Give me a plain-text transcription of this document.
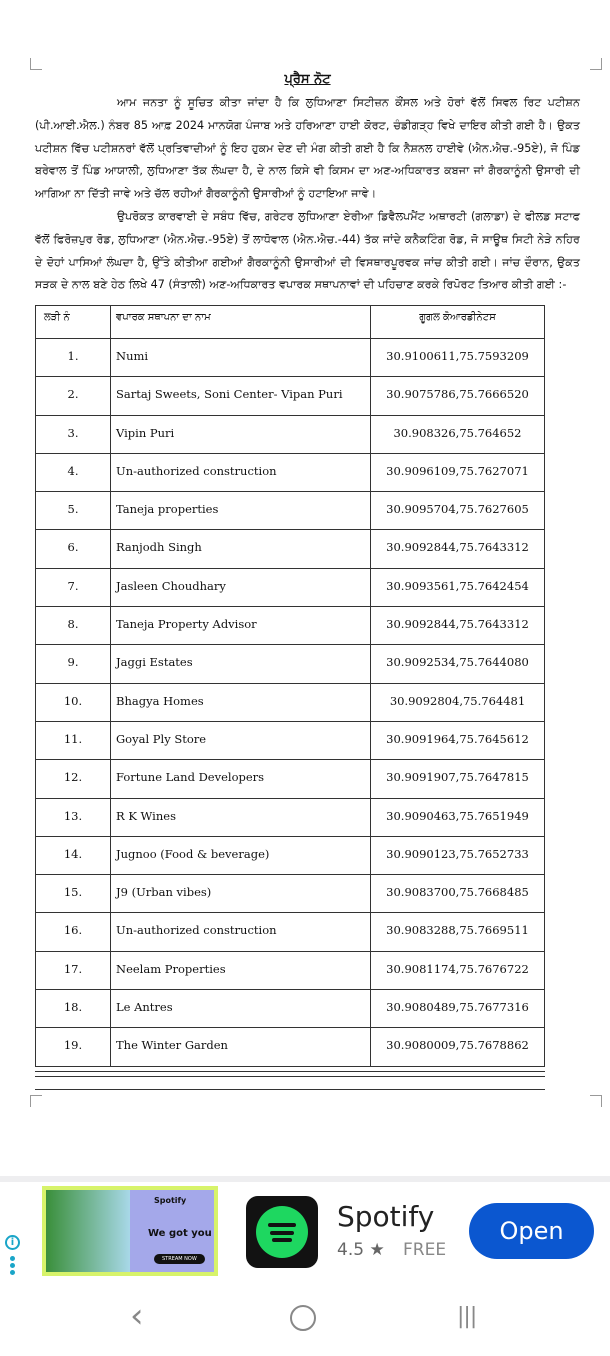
ਪ੍ਰੈਸ ਨੋਟ

ਆਮ ਜਨਤਾ ਨੂੰ ਸੂਚਿਤ ਕੀਤਾ ਜਾਂਦਾ ਹੈ ਕਿ ਲੁਧਿਆਣਾ ਸਿਟੀਜ਼ਨ ਕੌਂਸਲ ਅਤੇ ਹੋਰਾਂ ਵੱਲੋਂ ਸਿਵਲ ਰਿਟ ਪਟੀਸ਼ਨ (ਪੀ.ਆਈ.ਐਲ.) ਨੰਬਰ 85 ਆਫ਼ 2024 ਮਾਨਯੋਗ ਪੰਜਾਬ ਅਤੇ ਹਰਿਆਣਾ ਹਾਈ ਕੋਰਟ, ਚੰਡੀਗੜ੍ਹ ਵਿਖੇ ਦਾਇਰ ਕੀਤੀ ਗਈ ਹੈ। ਉਕਤ ਪਟੀਸ਼ਨ ਵਿੱਚ ਪਟੀਸ਼ਨਰਾਂ ਵੱਲੋਂ ਪ੍ਰਤਿਵਾਦੀਆਂ ਨੂੰ ਇਹ ਹੁਕਮ ਦੇਣ ਦੀ ਮੰਗ ਕੀਤੀ ਗਈ ਹੈ ਕਿ ਨੈਸ਼ਨਲ ਹਾਈਵੇ (ਐਨ.ਐਚ.-95ਏ), ਜੋ ਪਿੰਡ ਬਰੇਵਾਲ ਤੋਂ ਪਿੰਡ ਆਯਾਲੀ, ਲੁਧਿਆਣਾ ਤੱਕ ਲੰਘਦਾ ਹੈ, ਦੇ ਨਾਲ ਕਿਸੇ ਵੀ ਕਿਸਮ ਦਾ ਅਣ-ਅਧਿਕਾਰਤ ਕਬਜਾ ਜਾਂ ਗੈਰਕਾਨੂੰਨੀ ਉਸਾਰੀ ਦੀ ਆਗਿਆ ਨਾ ਦਿੱਤੀ ਜਾਵੇ ਅਤੇ ਚੱਲ ਰਹੀਆਂ ਗੈਰਕਾਨੂੰਨੀ ਉਸਾਰੀਆਂ ਨੂੰ ਹਟਾਇਆ ਜਾਵੇ।

ਉਪਰੋਕਤ ਕਾਰਵਾਈ ਦੇ ਸਬੰਧ ਵਿੱਚ, ਗਰੇਟਰ ਲੁਧਿਆਣਾ ਏਰੀਆ ਡਿਵੈਲਪਮੈਂਟ ਅਥਾਰਟੀ (ਗਲਾਡਾ) ਦੇ ਫੀਲਡ ਸਟਾਫ ਵੱਲੋਂ ਫਿਰੋਜ਼ਪੁਰ ਰੋਡ, ਲੁਧਿਆਣਾ (ਐਨ.ਐਚ.-95ਏ) ਤੋਂ ਲਾਧੋਵਾਲ (ਐਨ.ਐਚ.-44) ਤੱਕ ਜਾਂਦੇ ਕਨੈਕਟਿੰਗ ਰੋਡ, ਜੋ ਸਾਊਥ ਸਿਟੀ ਨੇੜੇ ਨਹਿਰ ਦੇ ਦੋਹਾਂ ਪਾਸਿਆਂ ਲੰਘਦਾ ਹੈ, ਉੱਤੇ ਕੀਤੀਆ ਗਈਆਂ ਗੈਰਕਾਨੂੰਨੀ ਉਸਾਰੀਆਂ ਦੀ ਵਿਸਥਾਰਪੂਰਵਕ ਜਾਂਚ ਕੀਤੀ ਗਈ। ਜਾਂਚ ਦੌਰਾਨ, ਉਕਤ ਸੜਕ ਦੇ ਨਾਲ ਬਣੇ ਹੇਠ ਲਿਖੇ 47 (ਸੰਤਾਲੀ) ਅਣ-ਅਧਿਕਾਰਤ ਵਪਾਰਕ ਸਥਾਪਨਾਵਾਂ ਦੀ ਪਹਿਚਾਣ ਕਰਕੇ ਰਿਪੋਰਟ ਤਿਆਰ ਕੀਤੀ ਗਈ :-

ਲੜੀ ਨੰ	ਵਪਾਰਕ ਸਥਾਪਨਾ ਦਾ ਨਾਮ	ਗੂਗਲ ਕੋਆਰਡੀਨੇਟਸ
1.	Numi	30.9100611,75.7593209
2.	Sartaj Sweets, Soni Center- Vipan Puri	30.9075786,75.7666520
3.	Vipin Puri	30.908326,75.764652
4.	Un-authorized construction	30.9096109,75.7627071
5.	Taneja properties	30.9095704,75.7627605
6.	Ranjodh Singh	30.9092844,75.7643312
7.	Jasleen Choudhary	30.9093561,75.7642454
8.	Taneja Property Advisor	30.9092844,75.7643312
9.	Jaggi Estates	30.9092534,75.7644080
10.	Bhagya Homes	30.9092804,75.764481
11.	Goyal Ply Store	30.9091964,75.7645612
12.	Fortune Land Developers	30.9091907,75.7647815
13.	R K Wines	30.9090463,75.7651949
14.	Jugnoo (Food & beverage)	30.9090123,75.7652733
15.	J9 (Urban vibes)	30.9083700,75.7668485
16.	Un-authorized construction	30.9083288,75.7669511
17.	Neelam Properties	30.9081174,75.7676722
18.	Le Antres	30.9080489,75.7677316
19.	The Winter Garden	30.9080009,75.7678862
i
Spotify
We got you
STREAM NOW
Spotify
4.5 ★ FREE
Open
‹	|||
